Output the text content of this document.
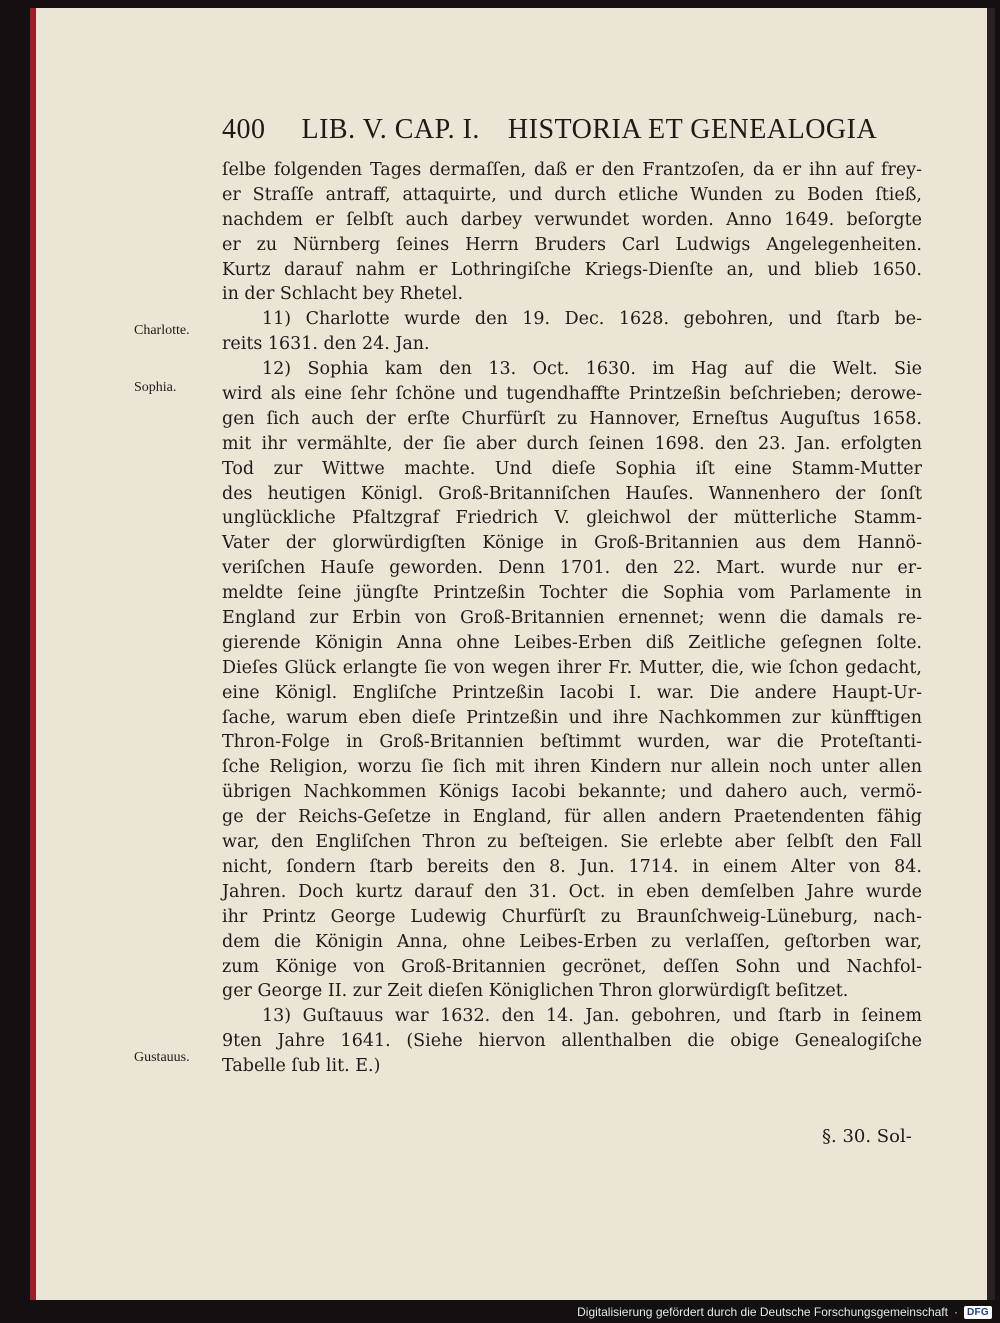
400 LIB. V. CAP. I. HISTORIA ET GENEALOGIA
Charlotte.
Sophia.
Gustauus.
ſelbe folgenden Tages dermaſſen, daß er den Frantzoſen, da er ihn auf frey-
er Straſſe antraff, attaquirte, und durch etliche Wunden zu Boden ſtieß,
nachdem er ſelbſt auch darbey verwundet worden. Anno 1649. beſorgte
er zu Nürnberg ſeines Herrn Bruders Carl Ludwigs Angelegenheiten.
Kurtz darauf nahm er Lothringiſche Kriegs-Dienſte an, und blieb 1650.
in der Schlacht bey Rhetel.
11) Charlotte wurde den 19. Dec. 1628. gebohren, und ſtarb be-
reits 1631. den 24. Jan.
12) Sophia kam den 13. Oct. 1630. im Hag auf die Welt. Sie
wird als eine ſehr ſchöne und tugendhaffte Printzeßin beſchrieben; derowe-
gen ſich auch der erſte Churfürſt zu Hannover, Erneſtus Auguſtus 1658.
mit ihr vermählte, der ſie aber durch ſeinen 1698. den 23. Jan. erfolgten
Tod zur Wittwe machte. Und dieſe Sophia iſt eine Stamm-Mutter
des heutigen Königl. Groß-Britanniſchen Hauſes. Wannenhero der ſonſt
unglückliche Pfaltzgraf Friedrich V. gleichwol der mütterliche Stamm-
Vater der glorwürdigſten Könige in Groß-Britannien aus dem Hannö-
veriſchen Hauſe geworden. Denn 1701. den 22. Mart. wurde nur er-
meldte ſeine jüngſte Printzeßin Tochter die Sophia vom Parlamente in
England zur Erbin von Groß-Britannien ernennet; wenn die damals re-
gierende Königin Anna ohne Leibes-Erben diß Zeitliche geſegnen ſolte.
Dieſes Glück erlangte ſie von wegen ihrer Fr. Mutter, die, wie ſchon gedacht,
eine Königl. Engliſche Printzeßin Iacobi I. war. Die andere Haupt-Ur-
ſache, warum eben dieſe Printzeßin und ihre Nachkommen zur künfftigen
Thron-Folge in Groß-Britannien beſtimmt wurden, war die Proteſtanti-
ſche Religion, worzu ſie ſich mit ihren Kindern nur allein noch unter allen
übrigen Nachkommen Königs Iacobi bekannte; und dahero auch, vermö-
ge der Reichs-Geſetze in England, für allen andern Praetendenten fähig
war, den Engliſchen Thron zu beſteigen. Sie erlebte aber ſelbſt den Fall
nicht, ſondern ſtarb bereits den 8. Jun. 1714. in einem Alter von 84.
Jahren. Doch kurtz darauf den 31. Oct. in eben demſelben Jahre wurde
ihr Printz George Ludewig Churfürſt zu Braunſchweig-Lüneburg, nach-
dem die Königin Anna, ohne Leibes-Erben zu verlaſſen, geſtorben war,
zum Könige von Groß-Britannien gecrönet, deſſen Sohn und Nachfol-
ger George II. zur Zeit dieſen Königlichen Thron glorwürdigſt beſitzet.
13) Guſtauus war 1632. den 14. Jan. gebohren, und ſtarb in ſeinem
9ten Jahre 1641. (Siehe hiervon allenthalben die obige Genealogiſche
Tabelle ſub lit. E.)
§. 30. Sol-
Digitalisierung gefördert durch die Deutsche Forschungsgemeinschaft · DFG
